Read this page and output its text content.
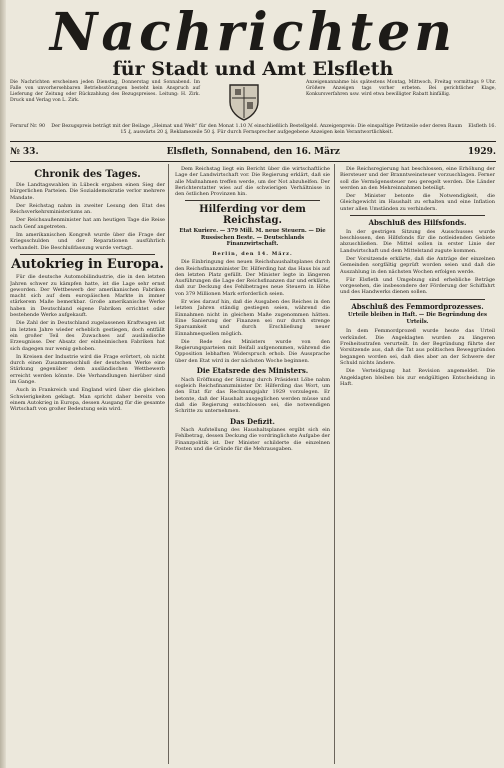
Nachrichten
für Stadt und Amt Elsfleth
Die Nachrichten erscheinen jeden Dienstag, Donnerstag und Sonnabend. Im Falle von unvorhersehbaren Betriebsstörungen besteht kein Anspruch auf Lieferung der Zeitung oder Rückzahlung des Bezugspreises. Leitung: H. Zirk. Druck und Verlag von L. Zirk.
Anzeigenannahme bis spätestens Montag, Mittwoch, Freitag vormittags 9 Uhr. Größere Anzeigen tags vorher erbeten. Bei gerichtlicher Klage, Konkursverfahren usw. wird etwa bewilligter Rabatt hinfällig.
Fernruf Nr. 90	Der Bezugspreis beträgt mit der Beilage „Heimat und Welt“ für den Monat 1.10 ℳ einschließlich Bestellgeld. Anzeigenpreis: Die einspaltige Petitzeile oder deren Raum 15 ₰, auswärts 20 ₰, Reklamezeile 50 ₰. Für durch Fernsprecher aufgegebene Anzeigen kein Verantwortlichkeit.
Elsfleth 16.
№ 33.	Elsfleth, Sonnabend, den 16. März	1929.
Chronik des Tages.

Die Landtagswahlen in Lübeck ergaben einen Sieg der bürgerlichen Parteien. Die Sozialdemokratie verlor mehrere Mandate.

Der Reichstag nahm in zweiter Lesung den Etat des Reichsverkehrsministeriums an.

Der Reichsaußenminister hat am heutigen Tage die Reise nach Genf angetreten.

Im amerikanischen Kongreß wurde über die Frage der Kriegsschulden und der Reparationen ausführlich verhandelt. Die Beschlußfassung wurde vertagt.

Autokrieg in Europa.

Für die deutsche Automobilindustrie, die in den letzten Jahren schwer zu kämpfen hatte, ist die Lage sehr ernst geworden. Der Wettbewerb der amerikanischen Fabriken macht sich auf dem europäischen Markte in immer stärkerem Maße bemerkbar. Große amerikanische Werke haben in Deutschland eigene Fabriken errichtet oder bestehende Werke aufgekauft.

Die Zahl der in Deutschland zugelassenen Kraftwagen ist im letzten Jahre wieder erheblich gestiegen, doch entfällt ein großer Teil des Zuwachses auf ausländische Erzeugnisse. Der Absatz der einheimischen Fabriken hat sich dagegen nur wenig gehoben.

In Kreisen der Industrie wird die Frage erörtert, ob nicht durch einen Zusammenschluß der deutschen Werke eine Stärkung gegenüber dem ausländischen Wettbewerb erreicht werden könnte. Die Verhandlungen hierüber sind im Gange.

Auch in Frankreich und England wird über die gleichen Schwierigkeiten geklagt. Man spricht daher bereits von einem Autokrieg in Europa, dessen Ausgang für die gesamte Wirtschaft von großer Bedeutung sein wird.

Dem Reichstag liegt ein Bericht über die wirtschaftliche Lage der Landwirtschaft vor. Die Regierung erklärt, daß sie alle Maßnahmen treffen werde, um der Not abzuhelfen. Der Berichterstatter wies auf die schwierigen Verhältnisse in den östlichen Provinzen hin.

Hilferding vor dem Reichstag.
Etat Kuriere. — 379 Mill. M. neue Steuern. — Die Russischen Beste. — Deutschlands Finanzwirtschaft.
Berlin, den 14. März.

Die Einbringung des neuen Reichshaushaltsplanes durch den Reichsfinanzminister Dr. Hilferding hat das Haus bis auf den letzten Platz gefüllt. Der Minister legte in längeren Ausführungen die Lage der Reichsfinanzen dar und erklärte, daß zur Deckung des Fehlbetrages neue Steuern in Höhe von 379 Millionen Mark erforderlich seien.

Er wies darauf hin, daß die Ausgaben des Reiches in den letzten Jahren ständig gestiegen seien, während die Einnahmen nicht in gleichem Maße zugenommen hätten. Eine Sanierung der Finanzen sei nur durch strenge Sparsamkeit und durch Erschließung neuer Einnahmequellen möglich.

Die Rede des Ministers wurde von den Regierungsparteien mit Beifall aufgenommen, während die Opposition lebhaften Widerspruch erhob. Die Aussprache über den Etat wird in der nächsten Woche beginnen.

Die Etatsrede des Ministers.

Nach Eröffnung der Sitzung durch Präsident Löbe nahm sogleich Reichsfinanzminister Dr. Hilferding das Wort, um den Etat für das Rechnungsjahr 1929 vorzulegen. Er betonte, daß der Haushalt ausgeglichen werden müsse und daß die Regierung entschlossen sei, die notwendigen Schritte zu unternehmen.

Das Defizit.

Nach Aufstellung des Haushaltsplanes ergibt sich ein Fehlbetrag, dessen Deckung die vordringlichste Aufgabe der Finanzpolitik ist. Der Minister schilderte die einzelnen Posten und die Gründe für die Mehrausgaben.

Die Reichsregierung hat beschlossen, eine Erhöhung der Biersteuer und der Branntweinsteuer vorzuschlagen. Ferner soll die Vermögenssteuer neu geregelt werden. Die Länder werden an den Mehreinnahmen beteiligt.

Der Minister betonte die Notwendigkeit, die Gleichgewicht im Haushalt zu erhalten und eine Inflation unter allen Umständen zu verhindern.

Abschluß des Hilfsfonds.

In der gestrigen Sitzung des Ausschusses wurde beschlossen, den Hilfsfonds für die notleidenden Gebiete abzuschließen. Die Mittel sollen in erster Linie der Landwirtschaft und dem Mittelstand zugute kommen.

Der Vorsitzende erklärte, daß die Anträge der einzelnen Gemeinden sorgfältig geprüft worden seien und daß die Auszahlung in den nächsten Wochen erfolgen werde.

Für Elsfleth und Umgebung sind erhebliche Beträge vorgesehen, die insbesondere der Förderung der Schiffahrt und des Handwerks dienen sollen.

Abschluß des Femmordprozesses.
Urteile bleiben in Haft. — Die Begründung des Urteils.

In dem Femmordprozeß wurde heute das Urteil verkündet. Die Angeklagten wurden zu längeren Freiheitsstrafen verurteilt. In der Begründung führte der Vorsitzende aus, daß die Tat aus politischen Beweggründen begangen worden sei, daß dies aber an der Schwere der Schuld nichts ändere.

Die Verteidigung hat Revision angemeldet. Die Angeklagten bleiben bis zur endgültigen Entscheidung in Haft.
